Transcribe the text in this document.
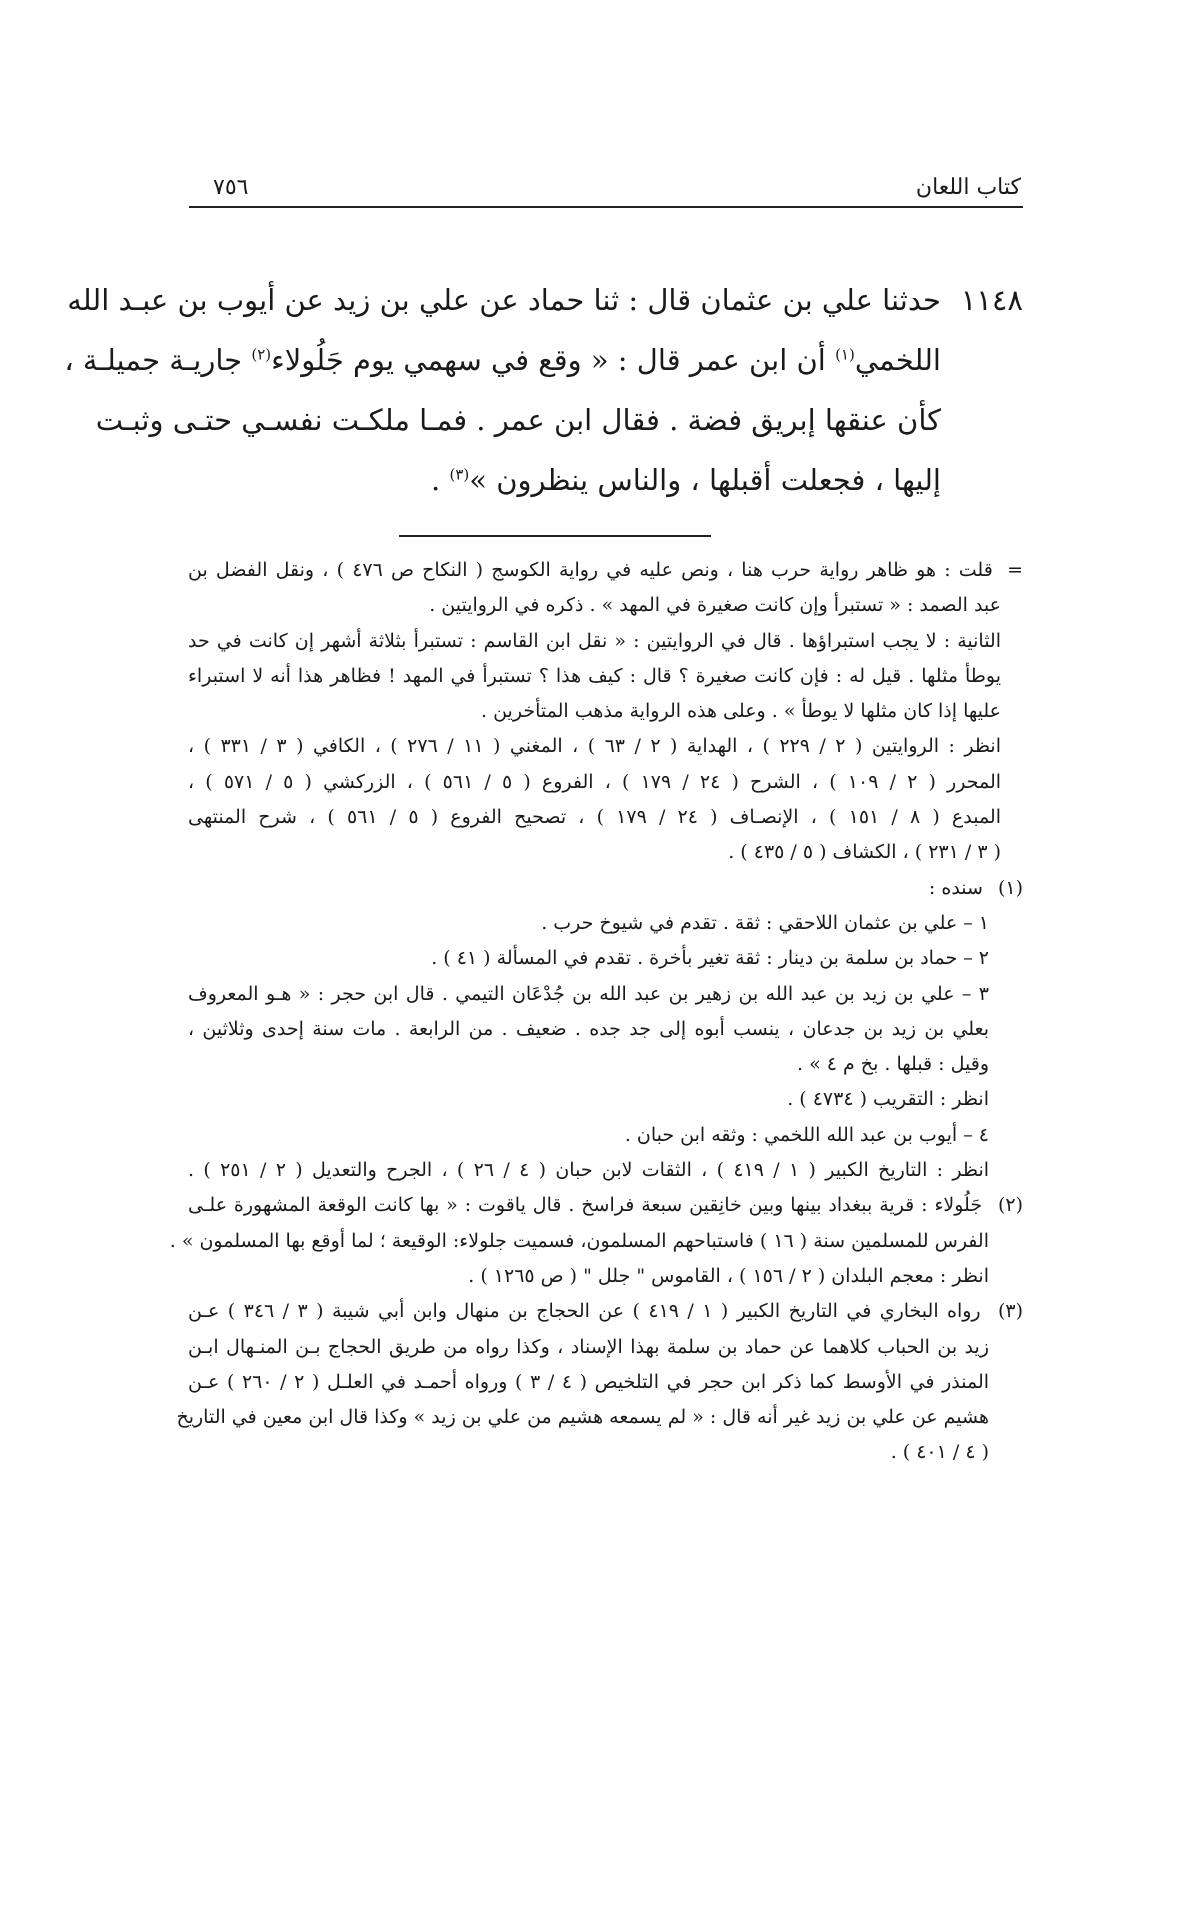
كتاب اللعان
٧٥٦
١١٤٨
حدثنا علي بن عثمان قال : ثنا حماد عن علي بن زيد عن أيوب بن عبـد الله
اللخمي$^{(١)}$ أن ابن عمر قال : « وقع في سهمي يوم جَلُولاء$^{(٢)}$ جاريـة جميلـة ،
كأن عنقها إبريق فضة . فقال ابن عمر . فمـا ملكـت نفسـي حتـى وثبـت
إليها ، فجعلت أقبلها ، والناس ينظرون »$^{(٣)}$ .
= قلت : هو ظاهر رواية حرب هنا ، ونص عليه في رواية الكوسج ( النكاح ص ٤٧٦ ) ، ونقل الفضل بن
عبد الصمد : « تستبرأ وإن كانت صغيرة في المهد » . ذكره في الروايتين .
الثانية : لا يجب استبراؤها . قال في الروايتين : « نقل ابن القاسم : تستبرأ بثلاثة أشهر إن كانت في حد
يوطأ مثلها . قيل له : فإن كانت صغيرة ؟ قال : كيف هذا ؟ تستبرأ في المهد ! فظاهر هذا أنه لا استبراء
عليها إذا كان مثلها لا يوطأ » . وعلى هذه الرواية مذهب المتأخرين .
انظر : الروايتين ( ٢ / ٢٢٩ ) ، الهداية ( ٢ / ٦٣ ) ، المغني ( ١١ / ٢٧٦ ) ، الكافي ( ٣ / ٣٣١ ) ،
المحرر ( ٢ / ١٠٩ ) ، الشرح ( ٢٤ / ١٧٩ ) ، الفروع ( ٥ / ٥٦١ ) ، الزركشي ( ٥ / ٥٧١ ) ،
المبدع ( ٨ / ١٥١ ) ، الإنصـاف ( ٢٤ / ١٧٩ ) ، تصحيح الفروع ( ٥ / ٥٦١ ) ، شرح المنتهى
( ٣ / ٢٣١ ) ، الكشاف ( ٥ / ٤٣٥ ) .
(١) سنده :
١ – علي بن عثمان اللاحقي : ثقة . تقدم في شيوخ حرب .
٢ – حماد بن سلمة بن دينار : ثقة تغير بأخرة . تقدم في المسألة ( ٤١ ) .
٣ – علي بن زيد بن عبد الله بن زهير بن عبد الله بن جُدْعَان التيمي . قال ابن حجر : « هـو المعروف
بعلي بن زيد بن جدعان ، ينسب أبوه إلى جد جده . ضعيف . من الرابعة . مات سنة إحدى وثلاثين ،
وقيل : قبلها . بخ م ٤ » .
انظر : التقريب ( ٤٧٣٤ ) .
٤ – أيوب بن عبد الله اللخمي : وثقه ابن حبان .
انظر : التاريخ الكبير ( ١ / ٤١٩ ) ، الثقات لابن حبان ( ٤ / ٢٦ ) ، الجرح والتعديل ( ٢ / ٢٥١ ) .
(٢) جَلُولاء : قرية ببغداد بينها وبين خانِقين سبعة فراسخ . قال ياقوت : « بها كانت الوقعة المشهورة علـى
الفرس للمسلمين سنة ( ١٦ ) فاستباحهم المسلمون، فسميت جلولاء: الوقيعة ؛ لما أوقع بها المسلمون » .
انظر : معجم البلدان ( ٢ / ١٥٦ ) ، القاموس " جلل " ( ص ١٢٦٥ ) .
(٣) رواه البخاري في التاريخ الكبير ( ١ / ٤١٩ ) عن الحجاج بن منهال وابن أبي شيبة ( ٣ / ٣٤٦ ) عـن
زيد بن الحباب كلاهما عن حماد بن سلمة بهذا الإسناد ، وكذا رواه من طريق الحجاج بـن المنـهال ابـن
المنذر في الأوسط كما ذكر ابن حجر في التلخيص ( ٤ / ٣ ) ورواه أحمـد في العلـل ( ٢ / ٢٦٠ ) عـن
هشيم عن علي بن زيد غير أنه قال : « لم يسمعه هشيم من علي بن زيد » وكذا قال ابن معين في التاريخ
( ٤ / ٤٠١ ) .
